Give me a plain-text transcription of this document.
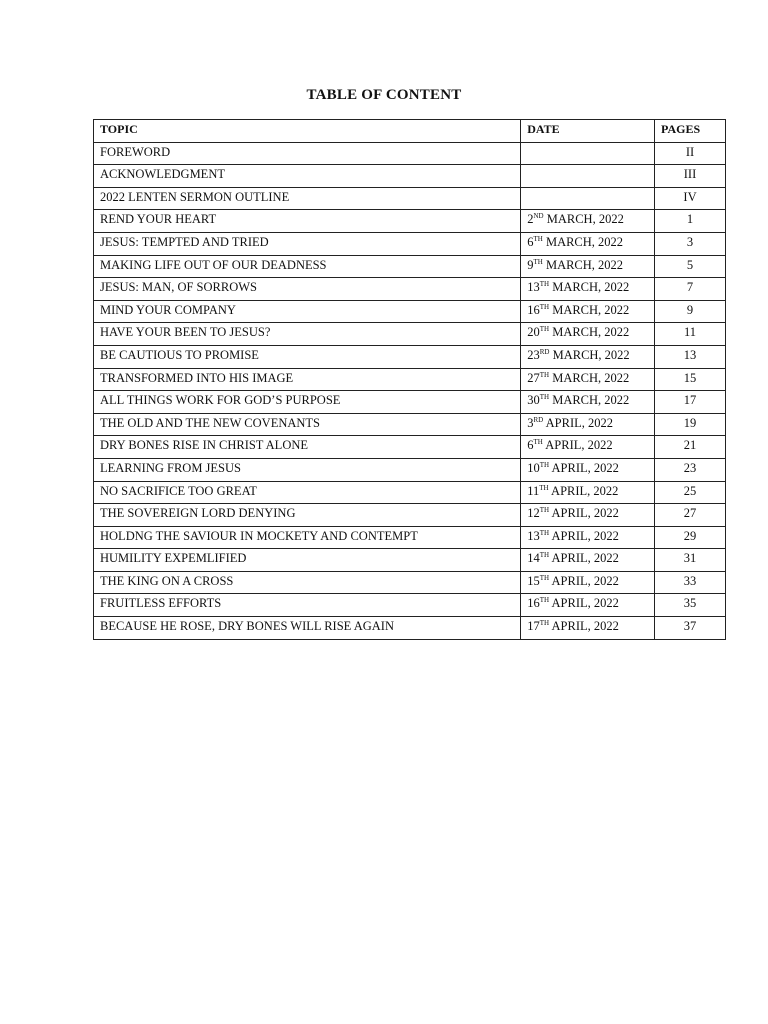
TABLE OF CONTENT
TOPIC	DATE	PAGES
FOREWORD		II
ACKNOWLEDGMENT		III
2022 LENTEN SERMON OUTLINE		IV
REND YOUR HEART	2ND MARCH, 2022	1
JESUS: TEMPTED AND TRIED	6TH MARCH, 2022	3
MAKING LIFE OUT OF OUR DEADNESS	9TH MARCH, 2022	5
JESUS: MAN, OF SORROWS	13TH MARCH, 2022	7
MIND YOUR COMPANY	16TH MARCH, 2022	9
HAVE YOUR BEEN TO JESUS?	20TH MARCH, 2022	11
BE CAUTIOUS TO PROMISE	23RD MARCH, 2022	13
TRANSFORMED INTO HIS IMAGE	27TH MARCH, 2022	15
ALL THINGS WORK FOR GOD’S PURPOSE	30TH MARCH, 2022	17
THE OLD AND THE NEW COVENANTS	3RD APRIL, 2022	19
DRY BONES RISE IN CHRIST ALONE	6TH APRIL, 2022	21
LEARNING FROM JESUS	10TH APRIL, 2022	23
NO SACRIFICE TOO GREAT	11TH APRIL, 2022	25
THE SOVEREIGN LORD DENYING	12TH APRIL, 2022	27
HOLDNG THE SAVIOUR IN MOCKETY AND CONTEMPT	13TH APRIL, 2022	29
HUMILITY EXPEMLIFIED	14TH APRIL, 2022	31
THE KING ON A CROSS	15TH APRIL, 2022	33
FRUITLESS EFFORTS	16TH APRIL, 2022	35
BECAUSE HE ROSE, DRY BONES WILL RISE AGAIN	17TH APRIL, 2022	37
